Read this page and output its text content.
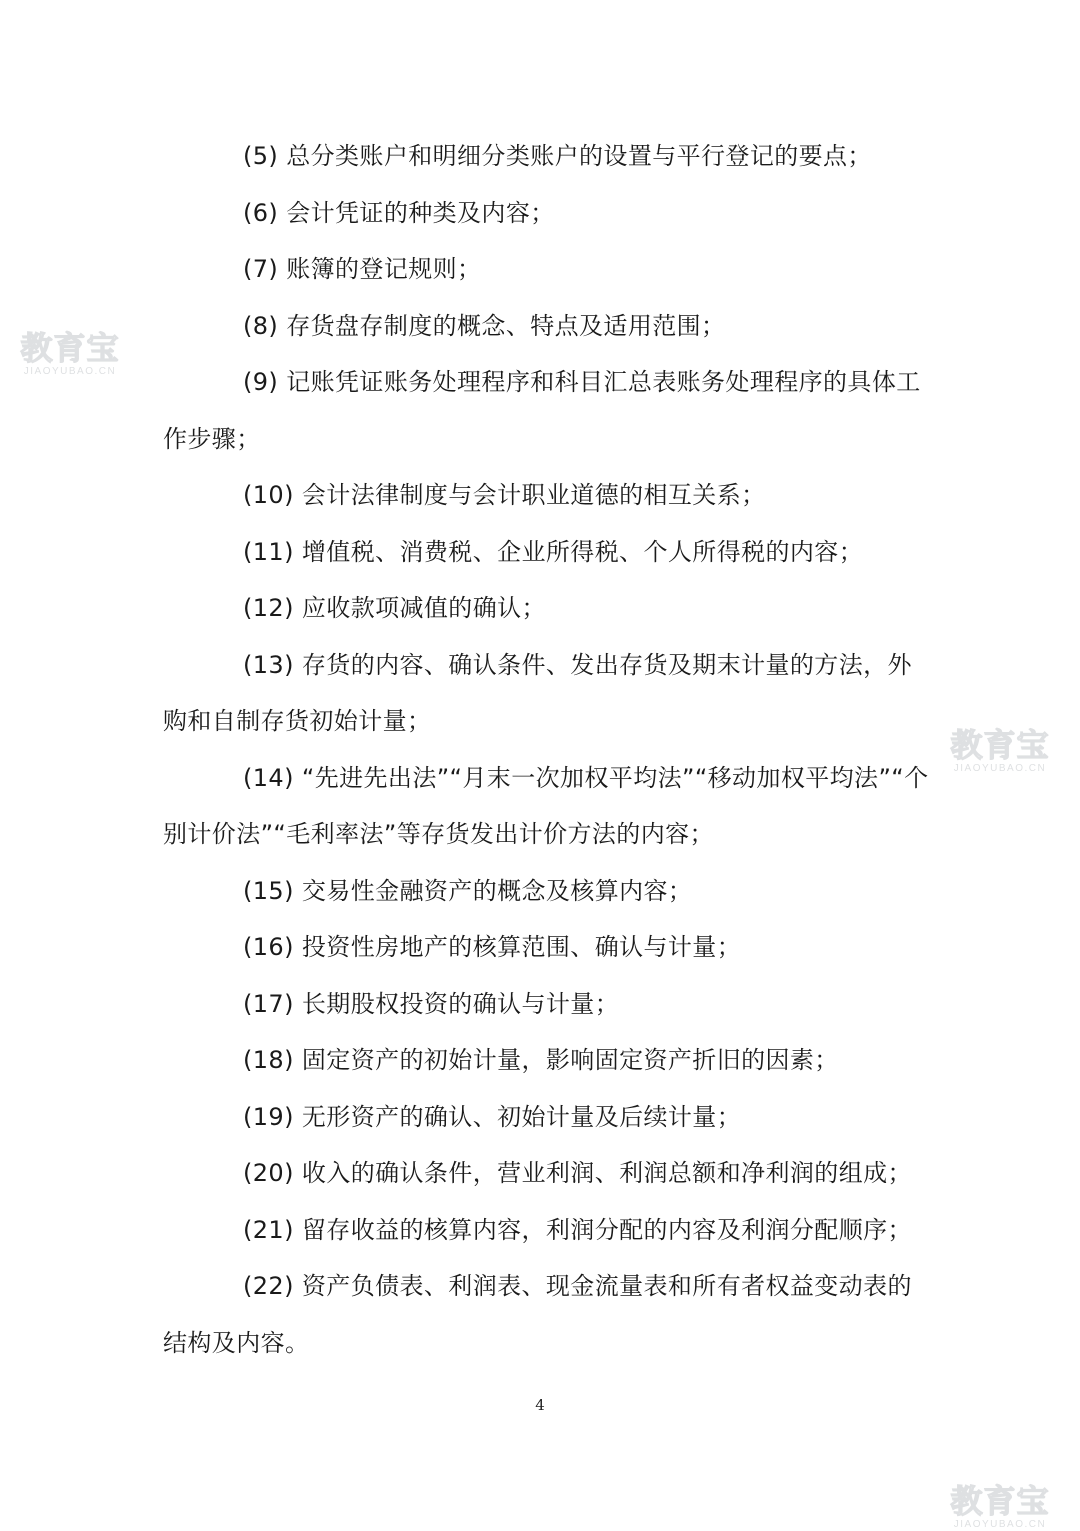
(5) 总分类账户和明细分类账户的设置与平行登记的要点；

(6) 会计凭证的种类及内容；

(7) 账簿的登记规则；

(8) 存货盘存制度的概念、特点及适用范围；

(9) 记账凭证账务处理程序和科目汇总表账务处理程序的具体工作步骤；

(10) 会计法律制度与会计职业道德的相互关系；

(11) 增值税、消费税、企业所得税、个人所得税的内容；

(12) 应收款项减值的确认；

(13) 存货的内容、确认条件、发出存货及期末计量的方法，外购和自制存货初始计量；

(14) “先进先出法”“月末一次加权平均法”“移动加权平均法”“个别计价法”“毛利率法”等存货发出计价方法的内容；

(15) 交易性金融资产的概念及核算内容；

(16) 投资性房地产的核算范围、确认与计量；

(17) 长期股权投资的确认与计量；

(18) 固定资产的初始计量，影响固定资产折旧的因素；

(19) 无形资产的确认、初始计量及后续计量；

(20) 收入的确认条件，营业利润、利润总额和净利润的组成；

(21) 留存收益的核算内容，利润分配的内容及利润分配顺序；

(22) 资产负债表、利润表、现金流量表和所有者权益变动表的结构及内容。

4
教育宝
JIAOYUBAO.CN
教育宝
JIAOYUBAO.CN
教育宝
JIAOYUBAO.CN
